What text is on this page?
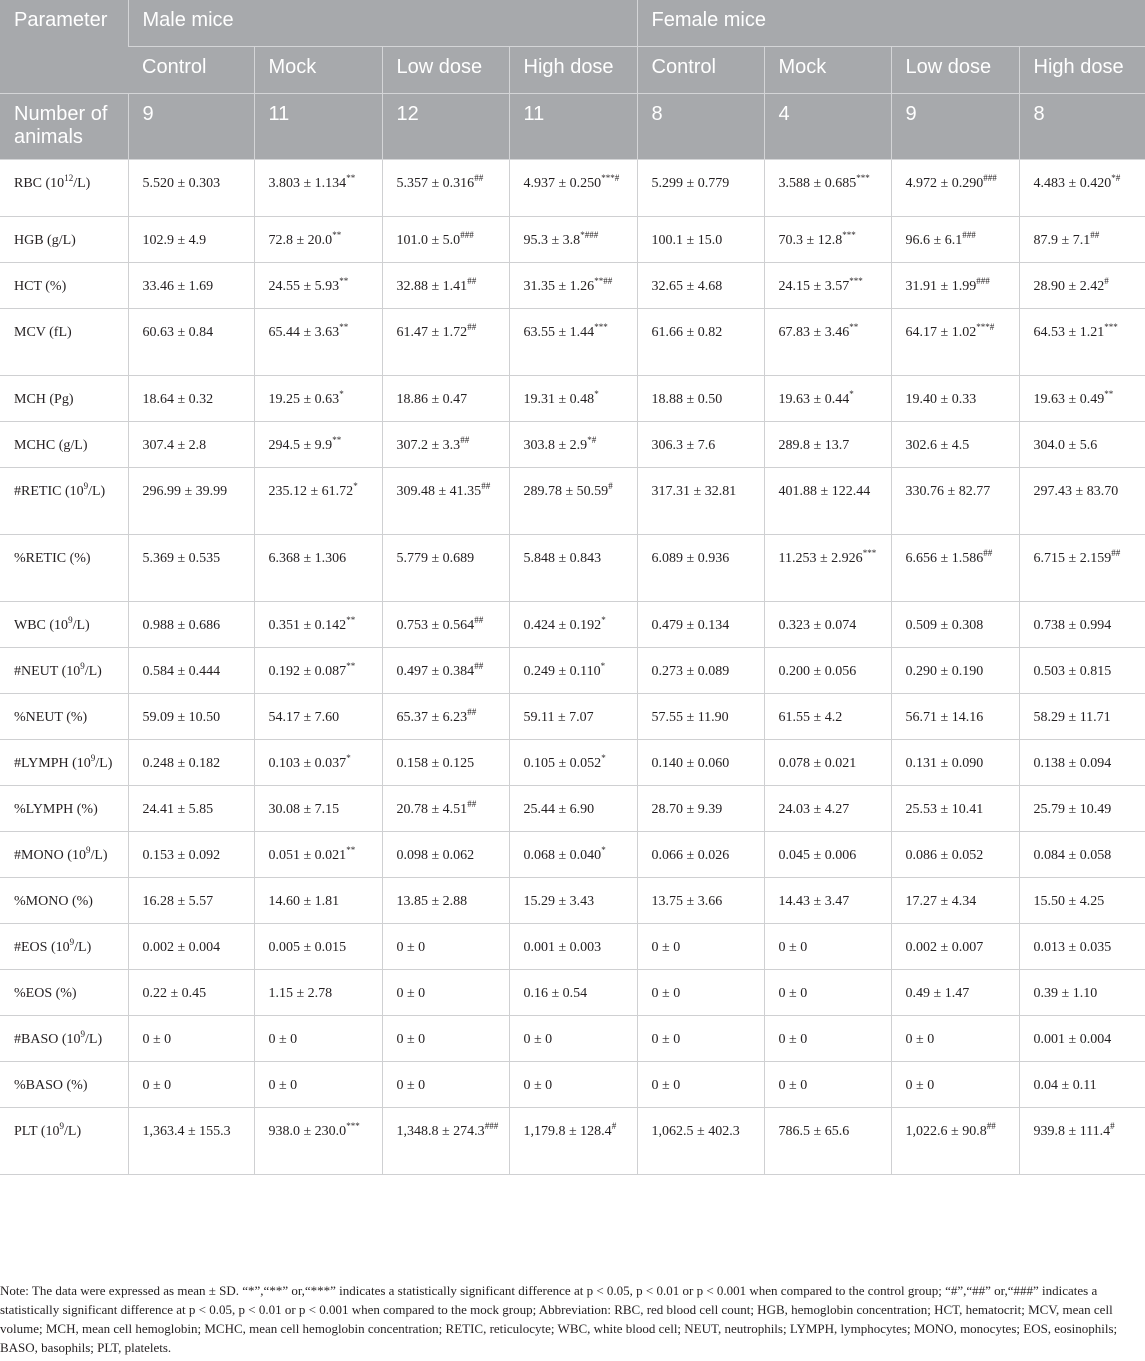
Parameter	Male mice				Female mice			
	Control	Mock	Low dose	High dose	Control	Mock	Low dose	High dose
Number of animals	9	11	12	11	8	4	9	8
RBC $(10^{12}/L)$	5.520 ± 0.303	3.803 ± 1.134**	5.357 ± 0.316##	4.937 ± 0.250***#	5.299 ± 0.779	3.588 ± 0.685***	4.972 ± 0.290###	4.483 ± 0.420*#
HGB (g/L)	102.9 ± 4.9	72.8 ± 20.0**	101.0 ± 5.0###	95.3 ± 3.8*###	100.1 ± 15.0	70.3 ± 12.8***	96.6 ± 6.1###	87.9 ± 7.1##
HCT (%)	33.46 ± 1.69	24.55 ± 5.93**	32.88 ± 1.41##	31.35 ± 1.26**##	32.65 ± 4.68	24.15 ± 3.57***	31.91 ± 1.99###	28.90 ± 2.42#
MCV (fL)	60.63 ± 0.84	65.44 ± 3.63**	61.47 ± 1.72##	63.55 ± 1.44***	61.66 ± 0.82	67.83 ± 3.46**	64.17 ± 1.02***#	64.53 ± 1.21***
MCH (Pg)	18.64 ± 0.32	19.25 ± 0.63*	18.86 ± 0.47	19.31 ± 0.48*	18.88 ± 0.50	19.63 ± 0.44*	19.40 ± 0.33	19.63 ± 0.49**
MCHC (g/L)	307.4 ± 2.8	294.5 ± 9.9**	307.2 ± 3.3##	303.8 ± 2.9*#	306.3 ± 7.6	289.8 ± 13.7	302.6 ± 4.5	304.0 ± 5.6
#RETIC $(10^9/L)$	296.99 ± 39.99	235.12 ± 61.72*	309.48 ± 41.35##	289.78 ± 50.59#	317.31 ± 32.81	401.88 ± 122.44	330.76 ± 82.77	297.43 ± 83.70
%RETIC (%)	5.369 ± 0.535	6.368 ± 1.306	5.779 ± 0.689	5.848 ± 0.843	6.089 ± 0.936	11.253 ± 2.926***	6.656 ± 1.586##	6.715 ± 2.159##
WBC $(10^9/L)$	0.988 ± 0.686	0.351 ± 0.142**	0.753 ± 0.564##	0.424 ± 0.192*	0.479 ± 0.134	0.323 ± 0.074	0.509 ± 0.308	0.738 ± 0.994
#NEUT $(10^9/L)$	0.584 ± 0.444	0.192 ± 0.087**	0.497 ± 0.384##	0.249 ± 0.110*	0.273 ± 0.089	0.200 ± 0.056	0.290 ± 0.190	0.503 ± 0.815
%NEUT (%)	59.09 ± 10.50	54.17 ± 7.60	65.37 ± 6.23##	59.11 ± 7.07	57.55 ± 11.90	61.55 ± 4.2	56.71 ± 14.16	58.29 ± 11.71
#LYMPH $(10^9/L)$	0.248 ± 0.182	0.103 ± 0.037*	0.158 ± 0.125	0.105 ± 0.052*	0.140 ± 0.060	0.078 ± 0.021	0.131 ± 0.090	0.138 ± 0.094
%LYMPH (%)	24.41 ± 5.85	30.08 ± 7.15	20.78 ± 4.51##	25.44 ± 6.90	28.70 ± 9.39	24.03 ± 4.27	25.53 ± 10.41	25.79 ± 10.49
#MONO $(10^9/L)$	0.153 ± 0.092	0.051 ± 0.021**	0.098 ± 0.062	0.068 ± 0.040*	0.066 ± 0.026	0.045 ± 0.006	0.086 ± 0.052	0.084 ± 0.058
%MONO (%)	16.28 ± 5.57	14.60 ± 1.81	13.85 ± 2.88	15.29 ± 3.43	13.75 ± 3.66	14.43 ± 3.47	17.27 ± 4.34	15.50 ± 4.25
#EOS $(10^9/L)$	0.002 ± 0.004	0.005 ± 0.015	0 ± 0	0.001 ± 0.003	0 ± 0	0 ± 0	0.002 ± 0.007	0.013 ± 0.035
%EOS (%)	0.22 ± 0.45	1.15 ± 2.78	0 ± 0	0.16 ± 0.54	0 ± 0	0 ± 0	0.49 ± 1.47	0.39 ± 1.10
#BASO $(10^9/L)$	0 ± 0	0 ± 0	0 ± 0	0 ± 0	0 ± 0	0 ± 0	0 ± 0	0.001 ± 0.004
%BASO (%)	0 ± 0	0 ± 0	0 ± 0	0 ± 0	0 ± 0	0 ± 0	0 ± 0	0.04 ± 0.11
PLT $(10^9/L)$	1,363.4 ± 155.3	938.0 ± 230.0***	1,348.8 ± 274.3###	1,179.8 ± 128.4#	1,062.5 ± 402.3	786.5 ± 65.6	1,022.6 ± 90.8##	939.8 ± 111.4#
Note: The data were expressed as mean ± SD. “*”,“**” or,“***” indicates a statistically significant difference at p < 0.05, p < 0.01 or p < 0.001 when compared to the control group; “#”,“##” or,“###” indicates a statistically significant difference at p < 0.05, p < 0.01 or p < 0.001 when compared to the mock group; Abbreviation: RBC, red blood cell count; HGB, hemoglobin concentration; HCT, hematocrit; MCV, mean cell volume; MCH, mean cell hemoglobin; MCHC, mean cell hemoglobin concentration; RETIC, reticulocyte; WBC, white blood cell; NEUT, neutrophils; LYMPH, lymphocytes; MONO, monocytes; EOS, eosinophils; BASO, basophils; PLT, platelets.
